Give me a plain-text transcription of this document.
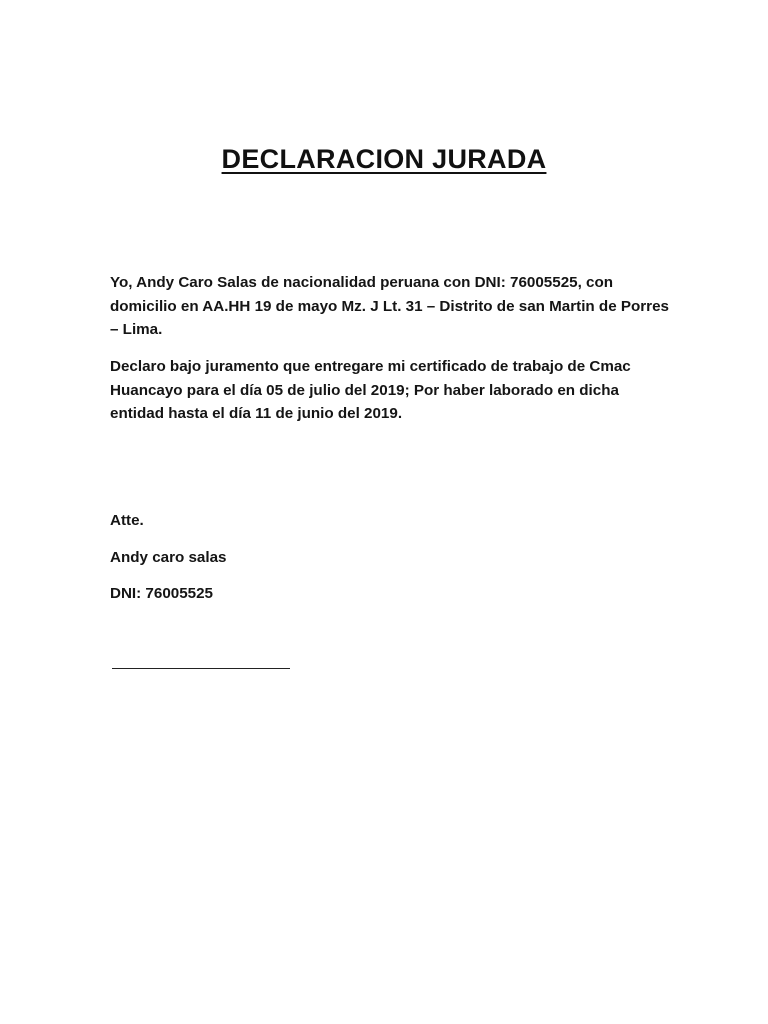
DECLARACION JURADA
Yo, Andy Caro Salas de nacionalidad peruana con DNI: 76005525, con domicilio en AA.HH 19 de mayo Mz. J Lt. 31 – Distrito de san Martin de Porres – Lima.
Declaro bajo juramento que entregare mi certificado de trabajo de Cmac Huancayo para el día 05 de julio del 2019; Por haber laborado en dicha entidad hasta el día 11 de junio del 2019.
Atte.
Andy caro salas
DNI: 76005525
